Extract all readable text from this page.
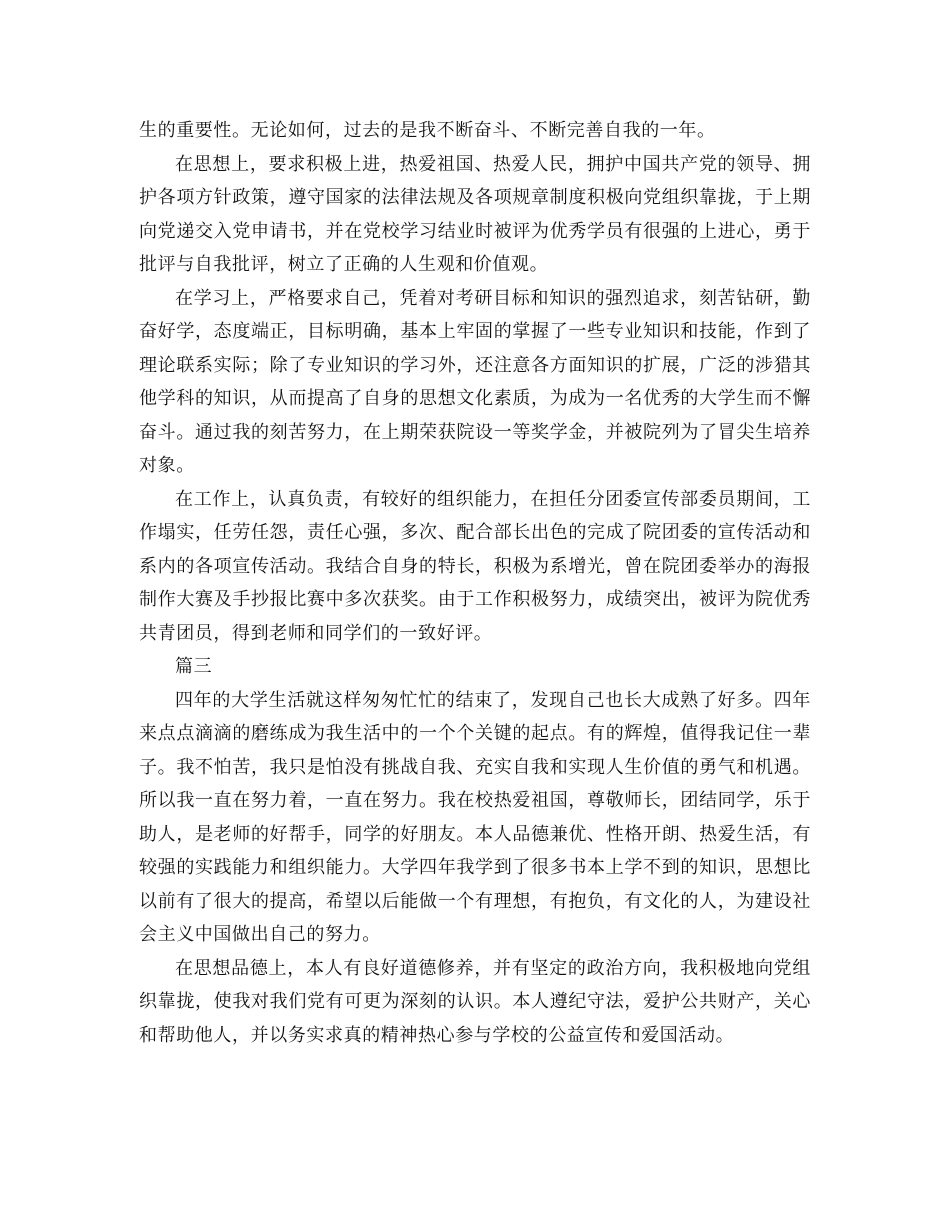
生的重要性。无论如何，过去的是我不断奋斗、不断完善自我的一年。

在思想上，要求积极上进，热爱祖国、热爱人民，拥护中国共产党的领导、拥护各项方针政策，遵守国家的法律法规及各项规章制度积极向党组织靠拢，于上期向党递交入党申请书，并在党校学习结业时被评为优秀学员有很强的上进心，勇于批评与自我批评，树立了正确的人生观和价值观。

在学习上，严格要求自己，凭着对考研目标和知识的强烈追求，刻苦钻研，勤奋好学，态度端正，目标明确，基本上牢固的掌握了一些专业知识和技能，作到了理论联系实际；除了专业知识的学习外，还注意各方面知识的扩展，广泛的涉猎其他学科的知识，从而提高了自身的思想文化素质，为成为一名优秀的大学生而不懈奋斗。通过我的刻苦努力，在上期荣获院设一等奖学金，并被院列为了冒尖生培养对象。

在工作上，认真负责，有较好的组织能力，在担任分团委宣传部委员期间，工作塌实，任劳任怨，责任心强，多次、配合部长出色的完成了院团委的宣传活动和系内的各项宣传活动。我结合自身的特长，积极为系增光，曾在院团委举办的海报制作大赛及手抄报比赛中多次获奖。由于工作积极努力，成绩突出，被评为院优秀共青团员，得到老师和同学们的一致好评。

篇三

四年的大学生活就这样匆匆忙忙的结束了，发现自己也长大成熟了好多。四年来点点滴滴的磨练成为我生活中的一个个关键的起点。有的辉煌，值得我记住一辈子。我不怕苦，我只是怕没有挑战自我、充实自我和实现人生价值的勇气和机遇。所以我一直在努力着，一直在努力。我在校热爱祖国，尊敬师长，团结同学，乐于助人，是老师的好帮手，同学的好朋友。本人品德兼优、性格开朗、热爱生活，有较强的实践能力和组织能力。大学四年我学到了很多书本上学不到的知识，思想比以前有了很大的提高，希望以后能做一个有理想，有抱负，有文化的人，为建设社会主义中国做出自己的努力。

在思想品德上，本人有良好道德修养，并有坚定的政治方向，我积极地向党组织靠拢，使我对我们党有可更为深刻的认识。本人遵纪守法，爱护公共财产，关心和帮助他人，并以务实求真的精神热心参与学校的公益宣传和爱国活动。
